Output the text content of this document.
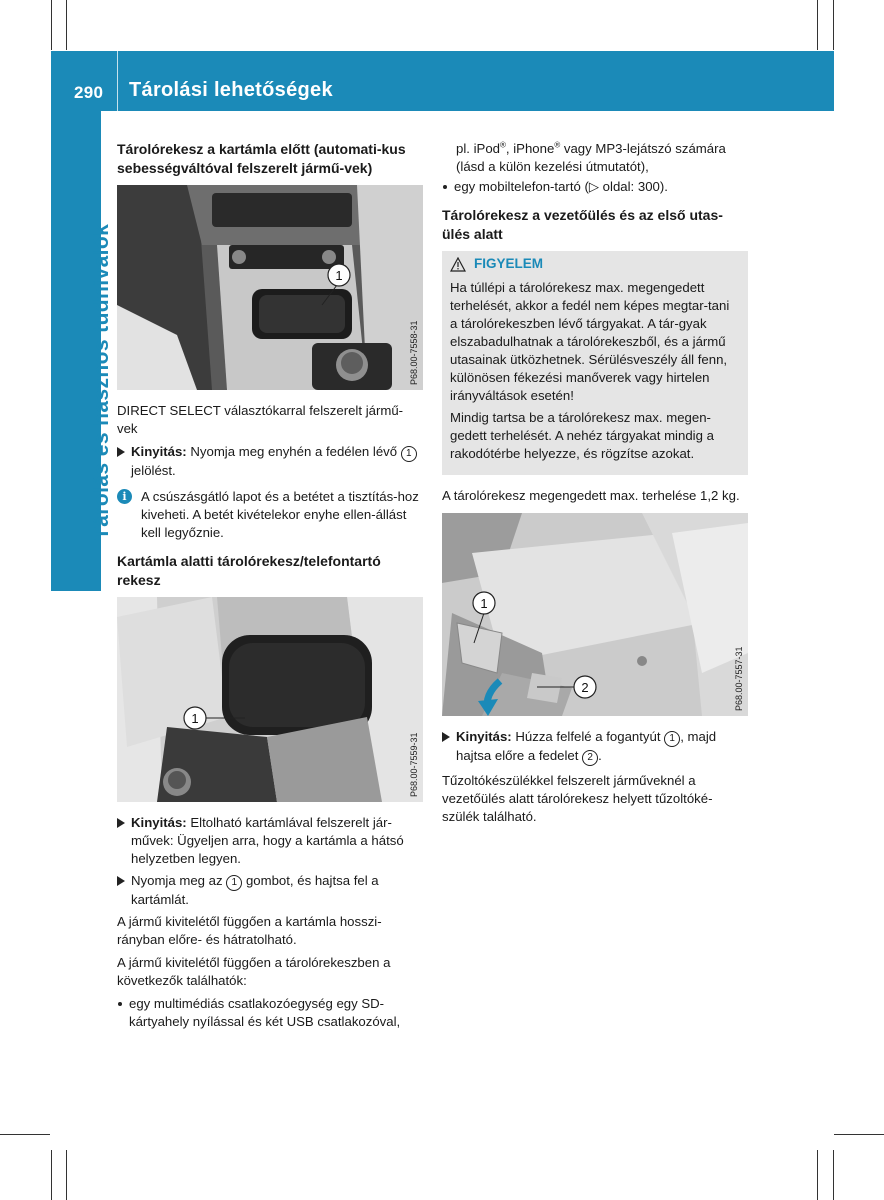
290 Tárolási lehetőségek
Tárolás és hasznos tudnivalók
Tárolórekesz a kartámla előtt (automati-kus sebességváltóval felszerelt jármű-vek)
1
P68.00-7558-31

DIRECT SELECT választókarral felszerelt jármű-vek

Kinyitás: Nyomja meg enyhén a fedélen lévő 1 jelölést.
i	A csúszásgátló lapot és a betétet a tisztítás-hoz kiveheti. A betét kivételekor enyhe ellen-állást kell legyőznie.
Kartámla alatti tárolórekesz/telefontartó rekesz
1
P68.00-7559-31
Kinyitás: Eltolható kartámlával felszerelt jár-művek: Ügyeljen arra, hogy a kartámla a hátsó helyzetben legyen.
Nyomja meg az 1 gombot, és hajtsa fel a kartámlát.

A jármű kivitelétől függően a kartámla hosszi-rányban előre- és hátratolható.

A jármű kivitelétől függően a tárolórekeszben a következők találhatók:

egy multimédiás csatlakozóegység egy SD-kártyahely nyílással és két USB csatlakozóval,
pl. iPod®, iPhone® vagy MP3-lejátszó számára (lásd a külön kezelési útmutatót),
egy mobiltelefon-tartó (▷ oldal: 300).
Tárolórekesz a vezetőülés és az első utas-ülés alatt
FIGYELEM

Ha túllépi a tárolórekesz max. megengedett terhelését, akkor a fedél nem képes megtar-tani a tárolórekeszben lévő tárgyakat. A tár-gyak elszabadulhatnak a tárolórekeszből, és a jármű utasainak ütközhetnek. Sérülésveszély áll fenn, különösen fékezési manőverek vagy hirtelen irányváltások esetén!

Mindig tartsa be a tárolórekesz max. megen-gedett terhelését. A nehéz tárgyakat mindig a rakodótérbe helyezze, és rögzítse azokat.

A tárolórekesz megengedett max. terhelése 1,2 kg.

1
2	P68.00-7557-31
Kinyitás: Húzza felfelé a fogantyút 1 , majd hajtsa előre a fedelet 2 .

Tűzoltókészülékkel felszerelt járműveknél a vezetőülés alatt tárolórekesz helyett tűzoltóké-szülék található.
